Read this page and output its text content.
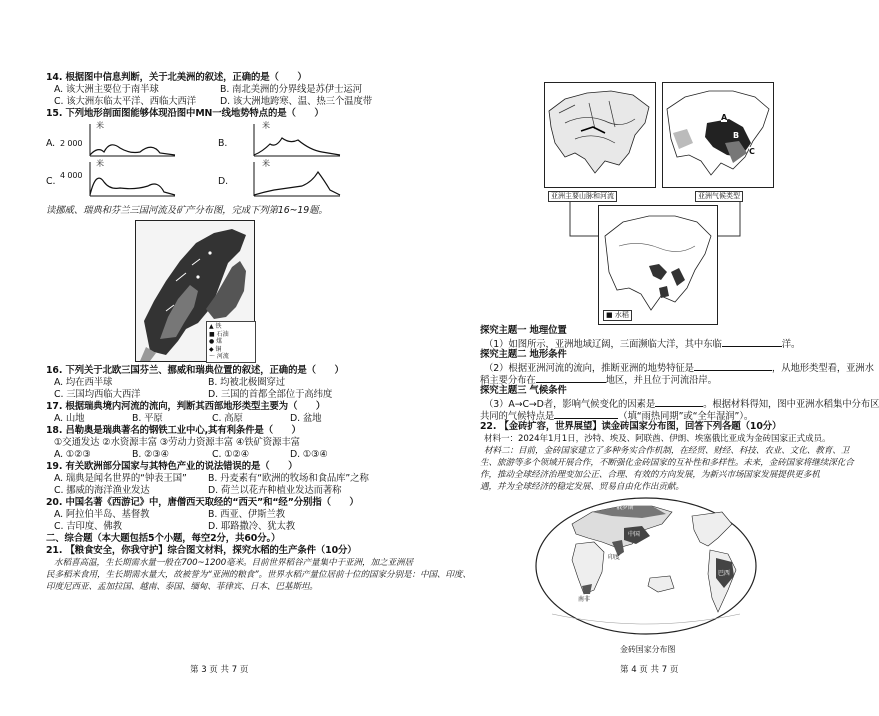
14. 根据图中信息判断，关于北美洲的叙述，正确的是（　　）
A. 该大洲主要位于南半球	B. 南北美洲的分界线是苏伊士运河
C. 该大洲东临太平洋、西临大西洋	D. 该大洲地跨寒、温、热三个温度带
15. 下列地形剖面图能够体现沿图中MN一线地势特点的是（　　）
A. 2 000
米
B.
米
C.
4 000
米
D.
米
读挪威、瑞典和芬兰三国河流及矿产分布图，完成下列第16~19题。
▲ 铁
■ 石油
● 煤
◆ 铜
～ 河流
16. 下列关于北欧三国芬兰、挪威和瑞典位置的叙述，正确的是（　　）
A. 均在西半球	B. 均被北极圈穿过
C. 三国均西临大西洋	D. 三国的首都全部位于高纬度
17. 根据瑞典境内河流的流向，判断其西部地形类型主要为（　　）
A. 山地	B. 平原	C. 高原	D. 盆地
18. 吕勒奥是瑞典著名的钢铁工业中心,其有利条件是（　　）
①交通发达 ②水资源丰富 ③劳动力资源丰富 ④铁矿资源丰富
A. ①②③	B. ②③④	C. ①②④	D. ①③④
19. 有关欧洲部分国家与其特色产业的说法错误的是（　　）
A. 瑞典是闻名世界的“钟表王国” B. 丹麦素有“欧洲的牧场和食品库”之称
C. 挪威的海洋渔业发达	D. 荷兰以花卉种植业发达而著称
20. 中国名著《西游记》中，唐僧西天取经的“西天”和“经”分别指（　　）
A. 阿拉伯半岛、基督教	B. 西亚、伊斯兰教
C. 吉印度、佛教	D. 耶路撒冷、犹太教
二、综合题（本大题包括5个小题，每空2分，共60分。）
21. 【粮食安全，你我守护】综合图文材料，探究水稻的生产条件（10分）
水稻喜高温，生长期需水量一般在700~1200毫米。目前世界稻谷产量集中于亚洲，加之亚洲居
民多稻米食用，生长期需水量大，故被誉为“亚洲的粮食”。世界水稻产量位居前十位的国家分别是：中国、印度、
印度尼西亚、孟加拉国、越南、泰国、缅甸、菲律宾、日本、巴基斯坦。
第 3 页 共 7 页
亚洲主要山脉和河流
A
B
C
亚洲气候类型
■ 水稻
探究主题一 地理位置
（1）如图所示，亚洲地域辽阔，三面濒临大洋，其中东临	洋。
探究主题二 地形条件
（2）根据亚洲河流的流向，推断亚洲的地势特征是	，从地形类型看，亚洲水
稻主要分布在	地区，并且位于河流沿岸。
探究主题三 气候条件
（3）A→C→D者，影响气候变化的因素是	。根据材料得知，图中亚洲水稻集中分布区
共同的气候特点是	（填“雨热同期”或“全年湿润”）。
22. 【金砖扩容，世界展望】读金砖国家分布图，回答下列各题（10分）
材料一：2024年1月1日，沙特、埃及、阿联酋、伊朗、埃塞俄比亚成为金砖国家正式成员。
材料二：目前，金砖国家建立了多种务实合作机制，在经贸、财经、科技、农业、文化、教育、卫
生、旅游等多个领域开展合作，不断强化金砖国家的互补性和多样性。未来，金砖国家将继续深化合
作，推动全球经济治理变加公正、合理、有效的方向发展，为新兴市场国家发展提供更多机
遇，并为全球经济的稳定发展、贸易自由化作出贡献。
俄罗斯
中国
印度
巴西
南非
金砖国家分布图
第 4 页 共 7 页
